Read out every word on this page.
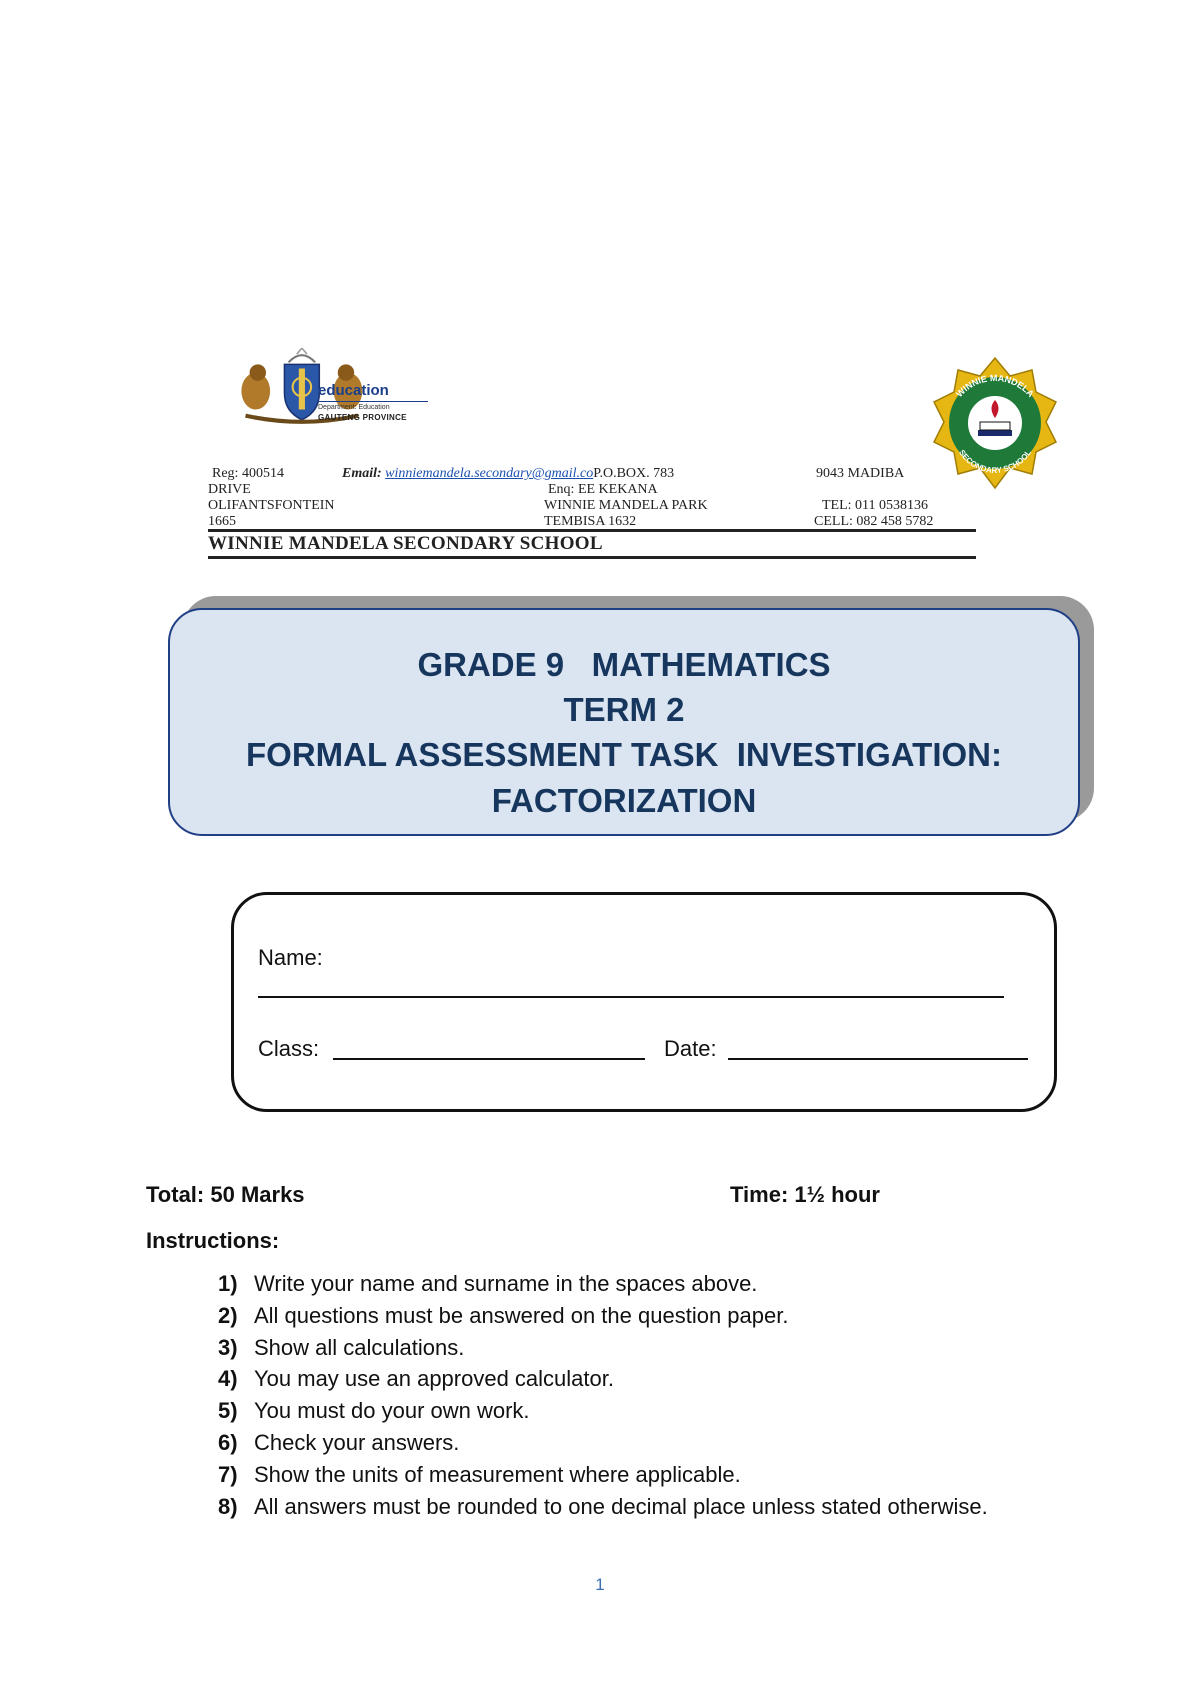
education
Department: Education
GAUTENG PROVINCE
WINNIE MANDELA
SECONDARY SCHOOL
Reg: 400514
DRIVE
OLIFANTSFONTEIN
1665
Email: winniemandela.secondary@gmail.coP.O.BOX. 783
Enq: EE KEKANA
WINNIE MANDELA PARK
TEMBISA 1632
9043 MADIBA
TEL: 011 0538136
CELL: 082 458 5782
WINNIE MANDELA SECONDARY SCHOOL
GRADE 9   MATHEMATICS
TERM 2
FORMAL ASSESSMENT TASK  INVESTIGATION:
FACTORIZATION
Name:
Class:	Date:
Total: 50 Marks	Time: 1½ hour
Instructions:
1) Write your name and surname in the spaces above.
2) All questions must be answered on the question paper.
3) Show all calculations.
4) You may use an approved calculator.
5) You must do your own work.
6) Check your answers.
7) Show the units of measurement where applicable.
8) All answers must be rounded to one decimal place unless stated otherwise.
1
